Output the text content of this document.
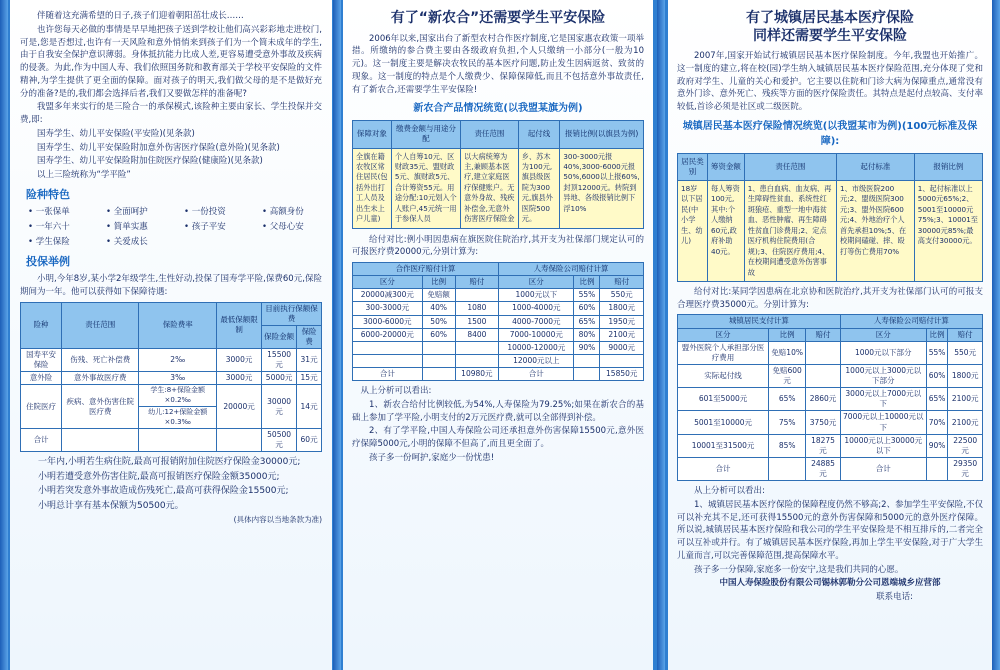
伴随着这充满希望的日子,孩子们迎着朝阳茁壮成长……

也许您每天必做的事情是早早地把孩子送到学校让他们高兴彩彩地走进校门,可是,您是否想过,也许有一天风险和意外悄悄来到孩子们为一个简未成年的学生,由于自我安全保护意识薄弱。身体抵抗能力比成人差,更容易遭受意外事故及疾病的侵袭。为此,作为中国人寿、我们依照国务院和教育部关于学校平安保险的文件精神,为学生提供了更全面的保障。面对孩子的明天,我们做父母的是不是做好充分的准备?是的,我们都会选择后者,我们又要做怎样的准备呢?

我盟多年来实行的是三险合一的承保模式,该险种主要由家长、学生投保并交费,即:

国寿学生、幼儿平安保险(平安险)(见条款)

国寿学生、幼儿平安保险附加意外伤害医疗保险(意外险)(见条款)

国寿学生、幼儿平安保险附加住院医疗保险(健康险)(见条款)

以上三险统称为“学平险”

险种特色
• 一张保单	• 全面呵护	• 一份投资	• 高额身份
• 一年六十	• 简单实惠	• 孩子平安	• 父母心安
• 学生保险	• 关爱成长
投保举例

小明,今年8岁,某小学2年级学生,生性好动,投保了国寿学平险,保费60元,保险期间为一年。他可以获得如下保障待遇:

险种	责任范围	保险费率	最低保额限制	目前执行保额保费	
				保险金额	保险费
国寿平安保险	伤残、死亡补偿费	2‰	3000元	15500元	31元
意外险	意外事故医疗费	3‰	3000元	5000元	15元
住院医疗	疾病、意外伤害住院医疗费	学生:8+保险金额×0.2‰	20000元	30000元	14元
		幼儿:12+保险金额×0.3‰			
合计				50500元	60元

一年内,小明若生病住院,最高可报销附加住院医疗保险金30000元;

小明若遭受意外伤害住院,最高可报销医疗保险金额35000元;

小明若突发意外事故造成伤残死亡,最高可获得保险金15500元;

小明总计享有基本保额为50500元。

(具体内容以当地条款为准)

有了“新农合”还需要学生平安保险

2006年以来,国家出台了新型农村合作医疗制度,它是国家惠农政策一项举措。所缴纳的参合费主要由各级政府负担,个人只缴纳一小部分(一般为10元)。这一制度主要是解决农牧民的基本医疗问题,防止发生因病返贫、致贫的现象。这一制度的特点是个人缴费少、保障保障低,而且不包括意外事故责任,有了新农合,还需要学生平安保险!

新农合产品情况统览(以我盟某旗为例)
保障对象	缴费金额与用途分配	责任范围	起付线	报销比例(以旗县为例)
全旗在籍农牧区常住居民(包括外出打工人员及出生未上户儿童)	个人自筹10元、区财政35元、盟财政5元、旗财政5元、合计筹资55元。用途分配:10元划入个人账户,45元统一用于参保人员	以大病统筹为主,兼顾基本医疗,建立家庭医疗保健账户。无意外身故、残疾补偿金,无意外伤害医疗保险金	乡、苏木为100元,旗县级医院为300元,旗县外医院500元。	300-3000元报40%,3000-6000元报50%,6000以上报60%,封顶12000元。转院到异地、各级报销比例下浮10%

给付对比:例小明因患病在旗医院住院治疗,其开支为社保部门规定认可的可报医疗费20000元,分别计算为:

合作医疗赔付计算			人寿保险公司赔付计算		
区分	比例	赔付	区分	比例	赔付
20000减300元	免赔额		1000元以下	55%	550元
300-3000元	40%	1080	1000-4000元	60%	1800元
3000-6000元	50%	1500	4000-7000元	65%	1950元
6000-20000元	60%	8400	7000-10000元	80%	2100元
			10000-12000元	90%	9000元
			12000元以上		
合计		10980元	合计		15850元

从上分析可以看出:

1、新农合给付比例较低,为54%,人寿保险为79.25%;如果在新农合的基础上参加了学平险,小明支付的2万元医疗费,就可以全部得到补偿。

2、有了学平险,中国人寿保险公司还承担意外伤害保障15500元,意外医疗保障5000元,小明的保障不但高了,而且更全面了。

孩子多一份呵护,家庭少一份忧患!

有了城镇居民基本医疗保险
同样还需要学生平安保险

2007年,国家开始试行城镇居民基本医疗保险制度。今年,我盟也开始推广。这一制度的建立,将在校(园)学生纳入城镇居民基本医疗保险范围,充分体现了党和政府对学生、儿童的关心和爱护。它主要以住院和门诊大病为保障重点,通常没有意外门诊、意外死亡、残疾等方面的医疗保险责任。其特点是起付点较高、支付率较低,首诊必须是社区或二级医院。

城镇居民基本医疗保险情况统览(以我盟某市为例)(100元标准及保障):
居民类别	筹资金额	责任范围	起付标准	报销比例
18岁以下居民(中小学生、幼儿)	每人筹资100元,其中:个人缴纳60元,政府补助40元。	1、患白血病、血友病、再生障碍性贫血、系统性红斑狼疮、重型一地中海贫血、恶性肿瘤、再生障碍性贫血门诊费用;2、定点医疗机构住院费用(合规);3、住院医疗费用;4、在校期间遭受意外伤害事故	1、市级医院200元;2、盟级医院300元;3、盟外医院600元;4、外地治疗个人首先承担10%;5、在校期间磕碰、摔、殴打等伤亡费用70%	1、起付标准以上5000元65%;2、5001至10000元75%;3、10001至30000元85%;最高支付30000元。

给付对比:某同学因患病在北京协和医院治疗,其开支为社保部门认可的可报支合理医疗费35000元。分别计算为:

城镇居民支付计算			人寿保险公司赔付计算		
区分	比例	赔付	区分	比例	赔付
盟外医院个人承担部分医疗费用	免赔10%		1000元以下部分	55%	550元
实际起付线	免赔600元		1000元以上3000元以下部分	60%	1800元
601至5000元	65%	2860元	3000元以上7000元以下	65%	2100元
5001至10000元	75%	3750元	7000元以上10000元以下	70%	2100元
10001至31500元	85%	18275元	10000元以上30000元以下	90%	22500元
合计		24885元	合计		29350元

从上分析可以看出:

1、城镇居民基本医疗保险的保障程度仍然不够高;2、参加学生平安保险,不仅可以补充其不足,还可获得15500元的意外伤害保障和5000元的意外医疗保障。所以说,城镇居民基本医疗保险和我公司的学生平安保险是不相互排斥的,二者完全可以互补或并行。有了城镇居民基本医疗保险,再加上学生平安保险,对于广大学生儿童而言,可以完善保障范围,提高保障水平。

孩子多一分保障,家庭多一份安宁,这是我们共同的心愿。

中国人寿保险股份有限公司锡林郭勒分公司恩端城乡应营部

联系电话:
